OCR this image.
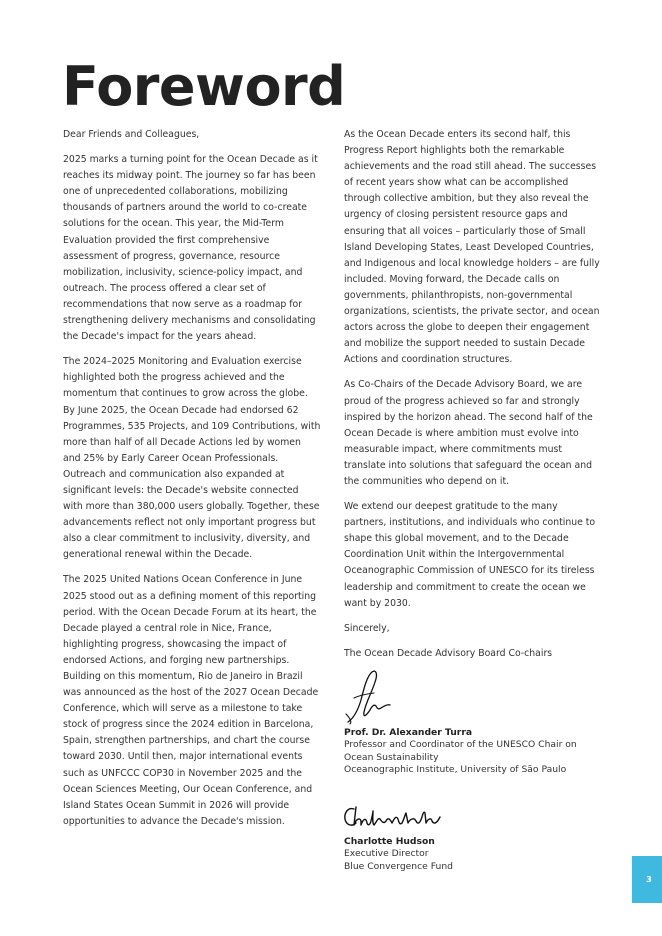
Foreword

Dear Friends and Colleagues,

2025 marks a turning point for the Ocean Decade as it reaches its midway point. The journey so far has been one of unprecedented collaborations, mobilizing thousands of partners around the world to co-create solutions for the ocean. This year, the Mid-Term Evaluation provided the first comprehensive assessment of progress, governance, resource mobilization, inclusivity, science-policy impact, and outreach. The process offered a clear set of recommendations that now serve as a roadmap for strengthening delivery mechanisms and consolidating the Decade's impact for the years ahead.

The 2024–2025 Monitoring and Evaluation exercise highlighted both the progress achieved and the momentum that continues to grow across the globe. By June 2025, the Ocean Decade had endorsed 62 Programmes, 535 Projects, and 109 Contributions, with more than half of all Decade Actions led by women and 25% by Early Career Ocean Professionals. Outreach and communication also expanded at significant levels: the Decade's website connected with more than 380,000 users globally. Together, these advancements reflect not only important progress but also a clear commitment to inclusivity, diversity, and generational renewal within the Decade.

The 2025 United Nations Ocean Conference in June 2025 stood out as a defining moment of this reporting period. With the Ocean Decade Forum at its heart, the Decade played a central role in Nice, France, highlighting progress, showcasing the impact of endorsed Actions, and forging new partnerships. Building on this momentum, Rio de Janeiro in Brazil was announced as the host of the 2027 Ocean Decade Conference, which will serve as a milestone to take stock of progress since the 2024 edition in Barcelona, Spain, strengthen partnerships, and chart the course toward 2030. Until then, major international events such as UNFCCC COP30 in November 2025 and the Ocean Sciences Meeting, Our Ocean Conference, and Island States Ocean Summit in 2026 will provide opportunities to advance the Decade's mission.

As the Ocean Decade enters its second half, this Progress Report highlights both the remarkable achievements and the road still ahead. The successes of recent years show what can be accomplished through collective ambition, but they also reveal the urgency of closing persistent resource gaps and ensuring that all voices – particularly those of Small Island Developing States, Least Developed Countries, and Indigenous and local knowledge holders – are fully included. Moving forward, the Decade calls on governments, philanthropists, non-governmental organizations, scientists, the private sector, and ocean actors across the globe to deepen their engagement and mobilize the support needed to sustain Decade Actions and coordination structures.

As Co-Chairs of the Decade Advisory Board, we are proud of the progress achieved so far and strongly inspired by the horizon ahead. The second half of the Ocean Decade is where ambition must evolve into measurable impact, where commitments must translate into solutions that safeguard the ocean and the communities who depend on it.

We extend our deepest gratitude to the many partners, institutions, and individuals who continue to shape this global movement, and to the Decade Coordination Unit within the Intergovernmental Oceanographic Commission of UNESCO for its tireless leadership and commitment to create the ocean we want by 2030.

Sincerely,

The Ocean Decade Advisory Board Co-chairs

Prof. Dr. Alexander Turra
Professor and Coordinator of the UNESCO Chair on Ocean Sustainability
Oceanographic Institute, University of São Paulo
Charlotte Hudson
Executive Director
Blue Convergence Fund
3
